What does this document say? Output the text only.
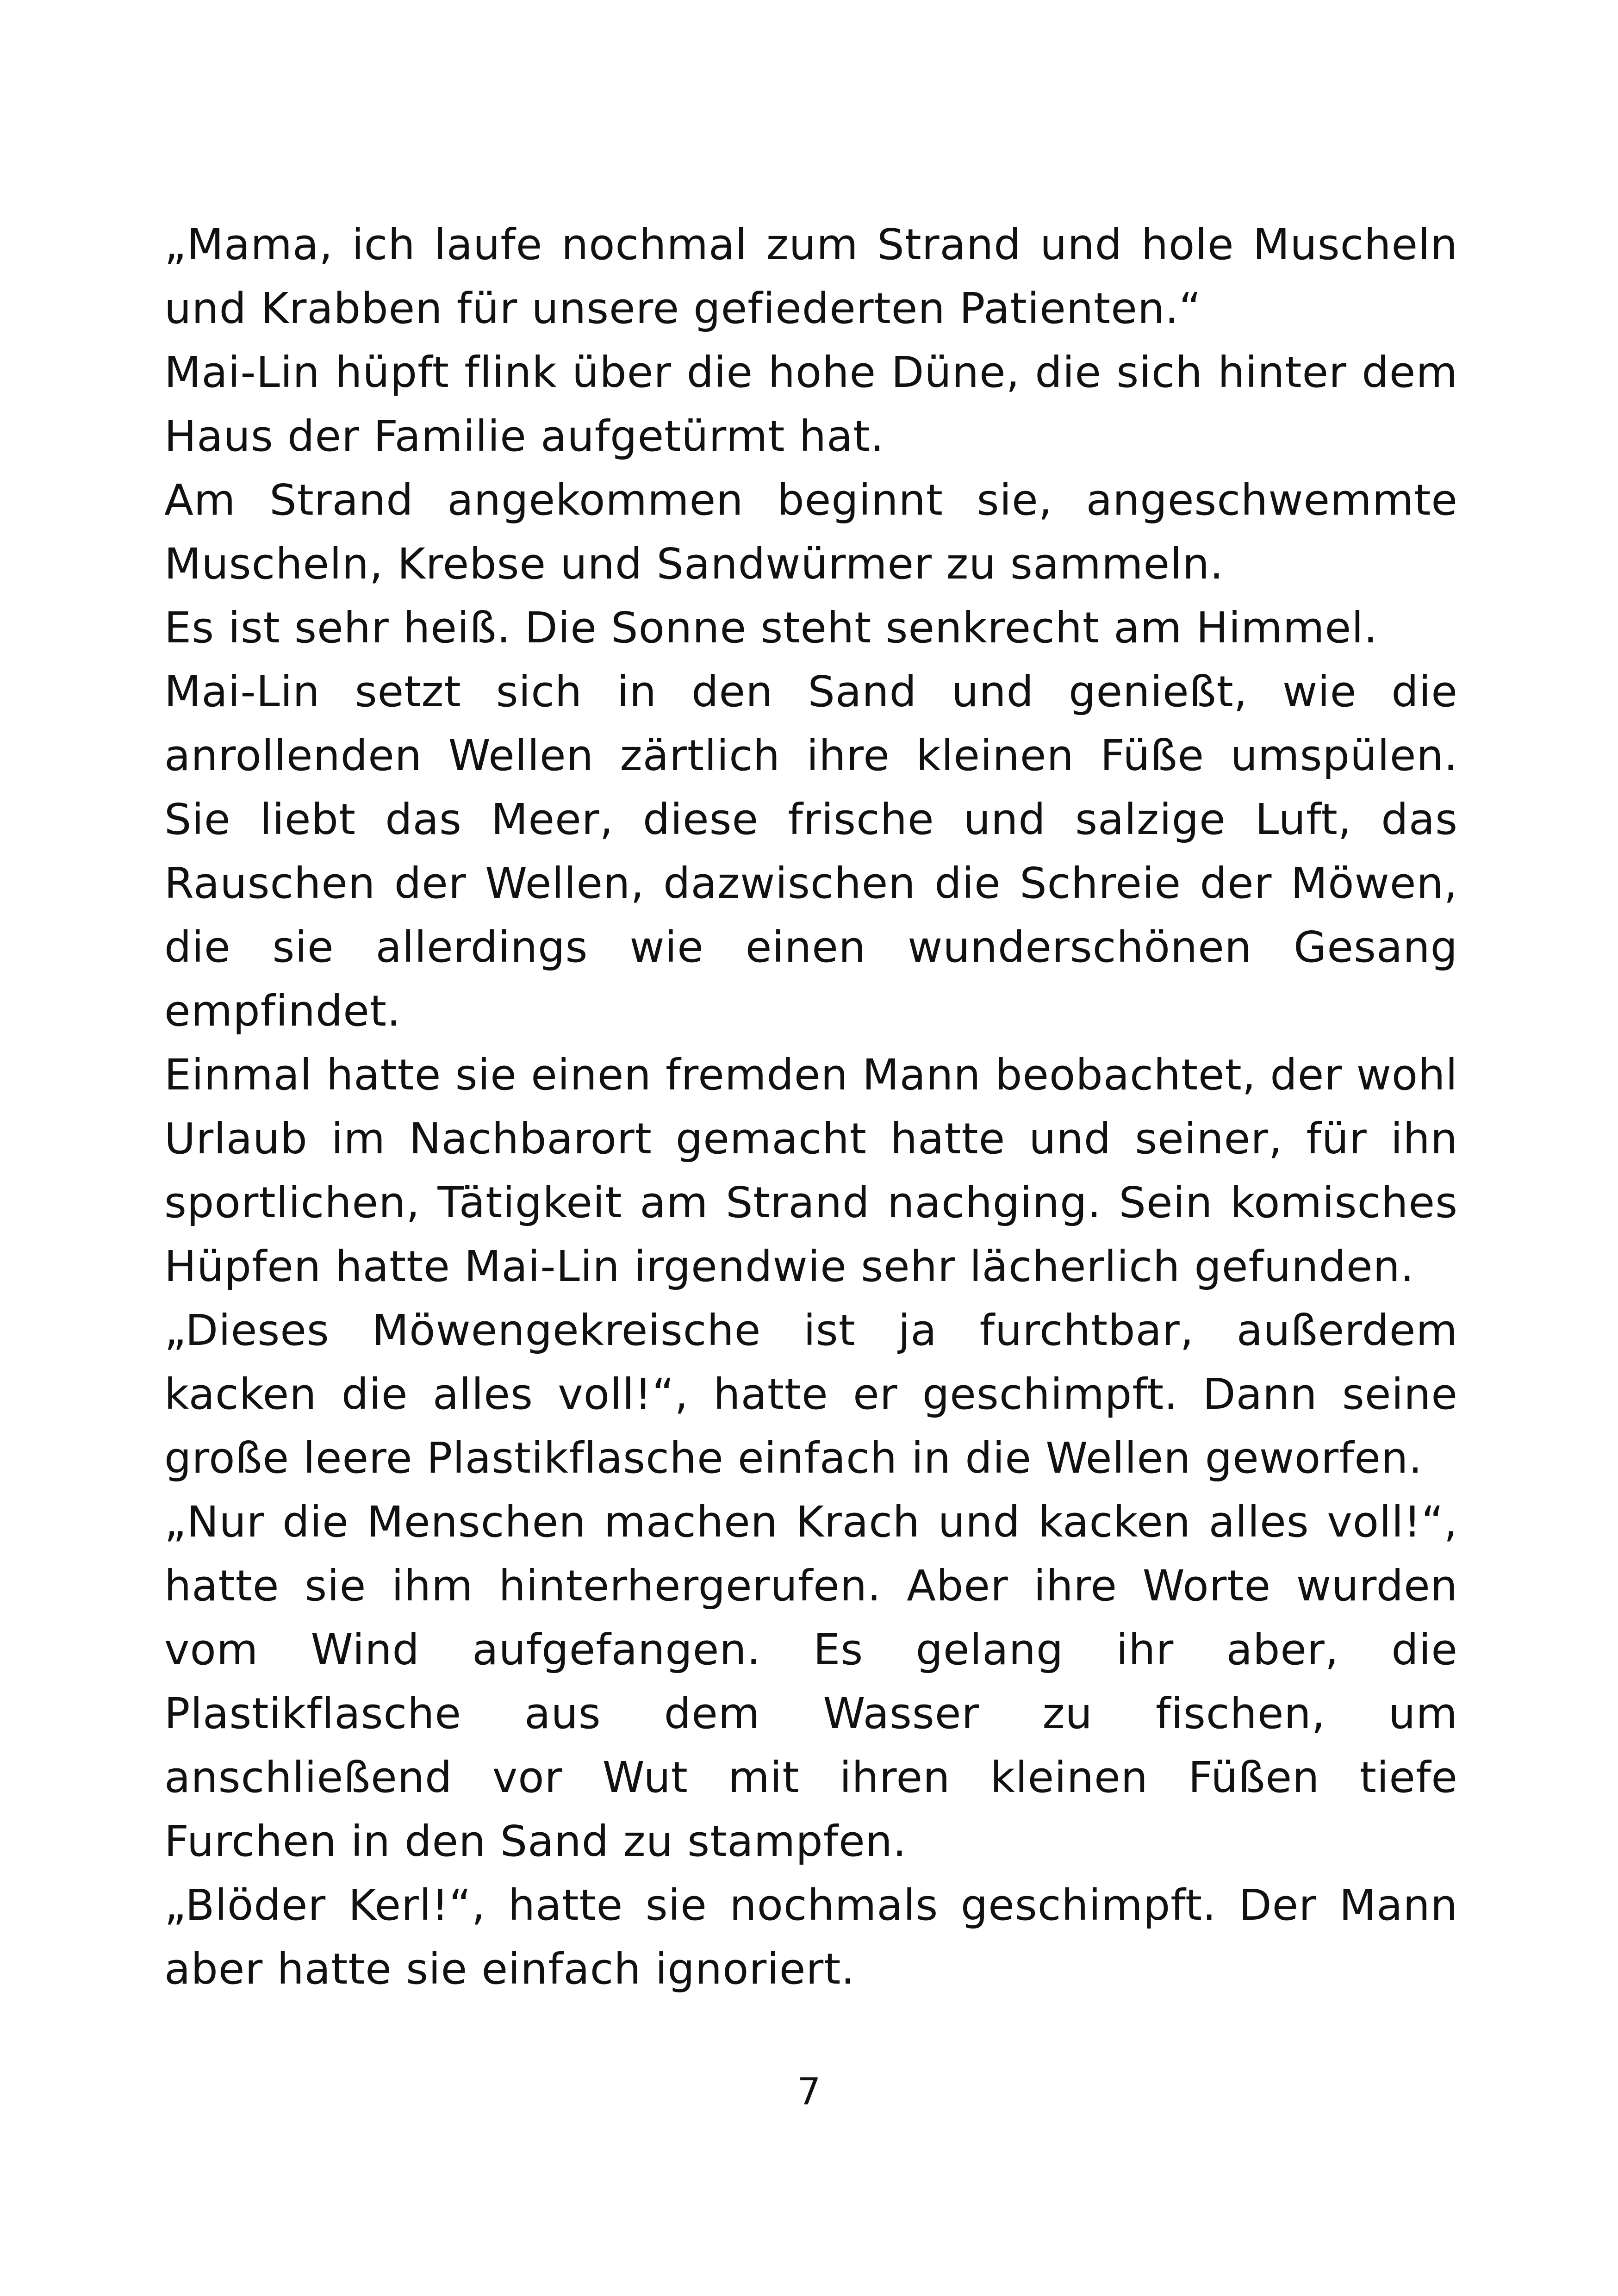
„Mama, ich laufe nochmal zum Strand und hole Muscheln und Krabben für unsere gefiederten Patienten.“

Mai-Lin hüpft flink über die hohe Düne, die sich hinter dem Haus der Familie aufgetürmt hat.

Am Strand angekommen beginnt sie, angeschwemmte Muscheln, Krebse und Sandwürmer zu sammeln.

Es ist sehr heiß. Die Sonne steht senkrecht am Himmel.

Mai-Lin setzt sich in den Sand und genießt, wie die anrollenden Wellen zärtlich ihre kleinen Füße umspülen. Sie liebt das Meer, diese frische und salzige Luft, das Rauschen der Wellen, dazwischen die Schreie der Möwen, die sie allerdings wie einen wunderschönen Gesang empfindet.

Einmal hatte sie einen fremden Mann beobachtet, der wohl Urlaub im Nachbarort gemacht hatte und seiner, für ihn sportlichen, Tätigkeit am Strand nachging. Sein komisches Hüpfen hatte Mai-Lin irgendwie sehr lächerlich gefunden.

„Dieses Möwengekreische ist ja furchtbar, außerdem kacken die alles voll!“, hatte er geschimpft. Dann seine große leere Plastikflasche einfach in die Wellen geworfen.

„Nur die Menschen machen Krach und kacken alles voll!“, hatte sie ihm hinterhergerufen. Aber ihre Worte wurden vom Wind aufgefangen. Es gelang ihr aber, die Plastikflasche aus dem Wasser zu fischen, um anschließend vor Wut mit ihren kleinen Füßen tiefe Furchen in den Sand zu stampfen.

„Blöder Kerl!“, hatte sie nochmals geschimpft. Der Mann aber hatte sie einfach ignoriert.

7
